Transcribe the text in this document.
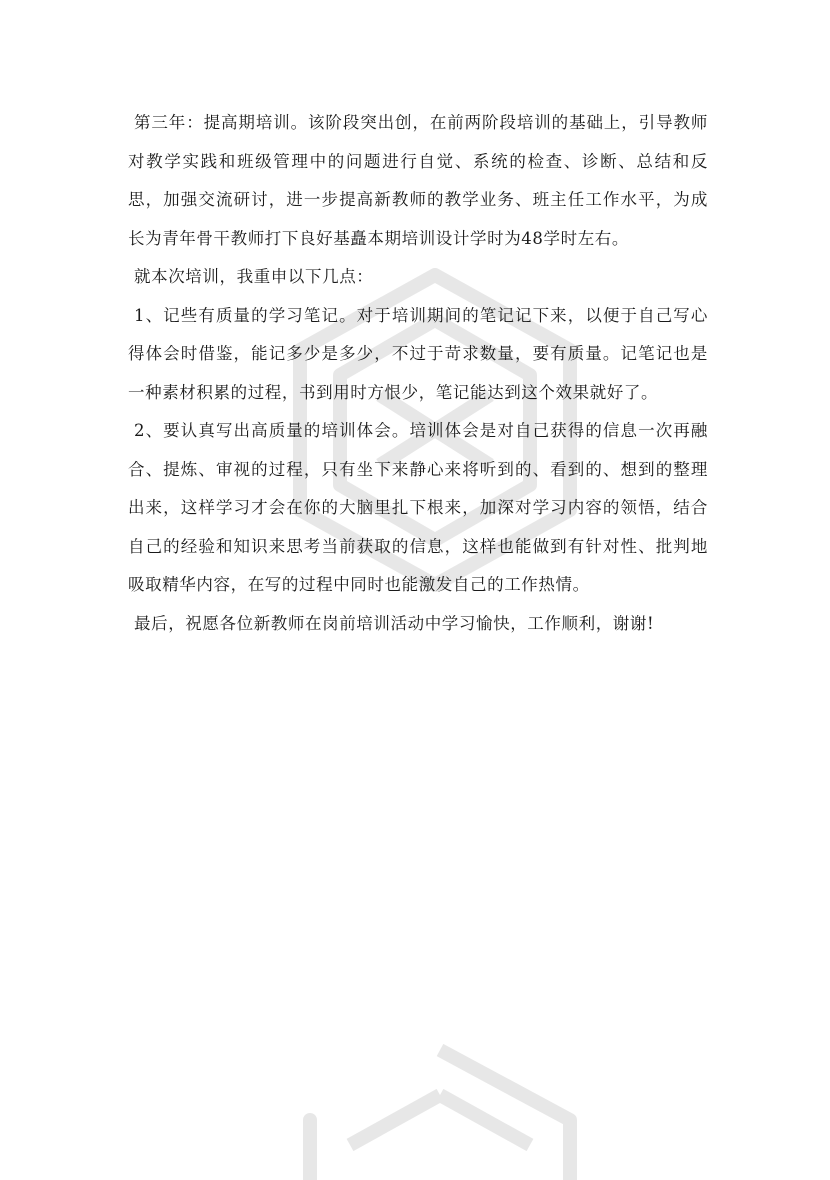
第三年：提高期培训。该阶段突出创，在前两阶段培训的基础上，引导教师对教学实践和班级管理中的问题进行自觉、系统的检查、诊断、总结和反思，加强交流研讨，进一步提高新教师的教学业务、班主任工作水平，为成长为青年骨干教师打下良好基矗本期培训设计学时为48学时左右。

就本次培训，我重申以下几点：

1、记些有质量的学习笔记。对于培训期间的笔记记下来，以便于自己写心得体会时借鉴，能记多少是多少，不过于苛求数量，要有质量。记笔记也是一种素材积累的过程，书到用时方恨少，笔记能达到这个效果就好了。

2、要认真写出高质量的培训体会。培训体会是对自己获得的信息一次再融合、提炼、审视的过程，只有坐下来静心来将听到的、看到的、想到的整理出来，这样学习才会在你的大脑里扎下根来，加深对学习内容的领悟，结合自己的经验和知识来思考当前获取的信息，这样也能做到有针对性、批判地吸取精华内容，在写的过程中同时也能激发自己的工作热情。

最后，祝愿各位新教师在岗前培训活动中学习愉快，工作顺利，谢谢!
